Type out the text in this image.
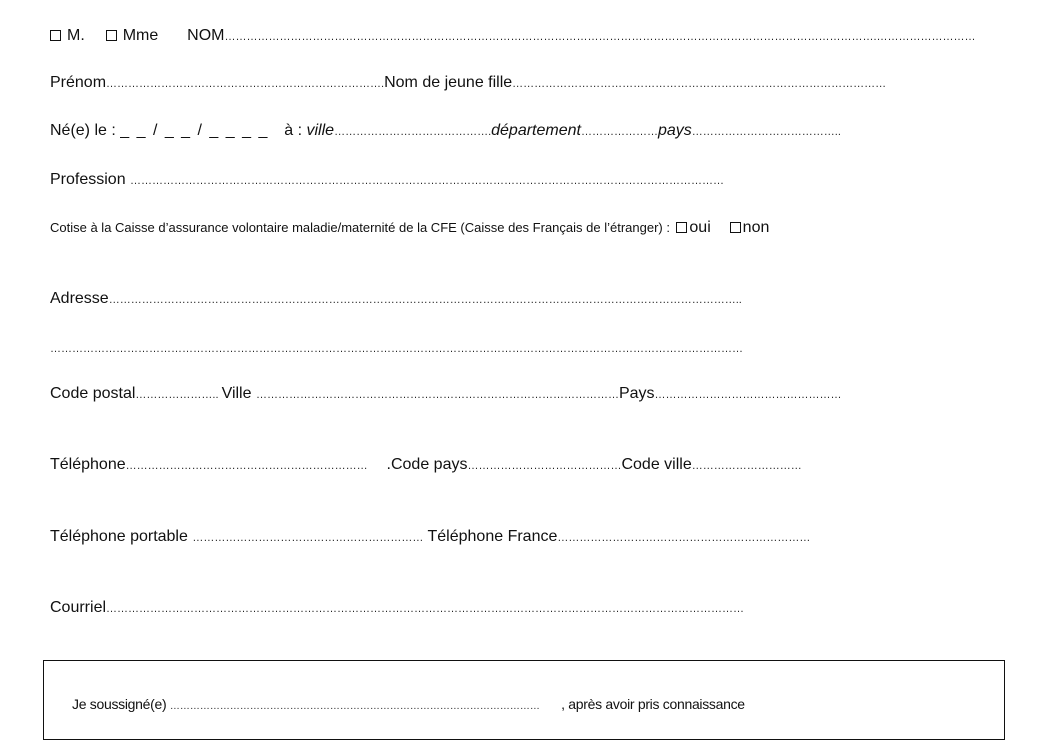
M. Mme NOM…………………………………………………………………………………………………………………………………………………………….………………………
Prénom………………………………………………………………….Nom de jeune fille…………………………………………………………………………………………
Né(e) le : _ _ / _ _ / _ _ _ _ à : ville…………………………………….département…………………pays…………………………………..
Profession ………………………………………………………………………………………………………………………………………………
Cotise à la Caisse d’assurance volontaire maladie/maternité de la CFE (Caisse des Français de l’étranger) : oui non
Adresse………………………………………………………………………………………………………………………………………………………..
………………………………………………………………………………………………………………………………………………………………………
Code postal………………….. Ville ………………………………………………………………………………………Pays……………………………………………
Téléphone………………………………………………………… .Code pays……………………………………Code ville…………………………
Téléphone portable ……………………………………………………… Téléphone France……………………………………………………………
Courriel…………………………………………………………………………………………………………………………………………………………
Je soussigné(e) ………………………………………………………………………………………………… , après avoir pris connaissance
